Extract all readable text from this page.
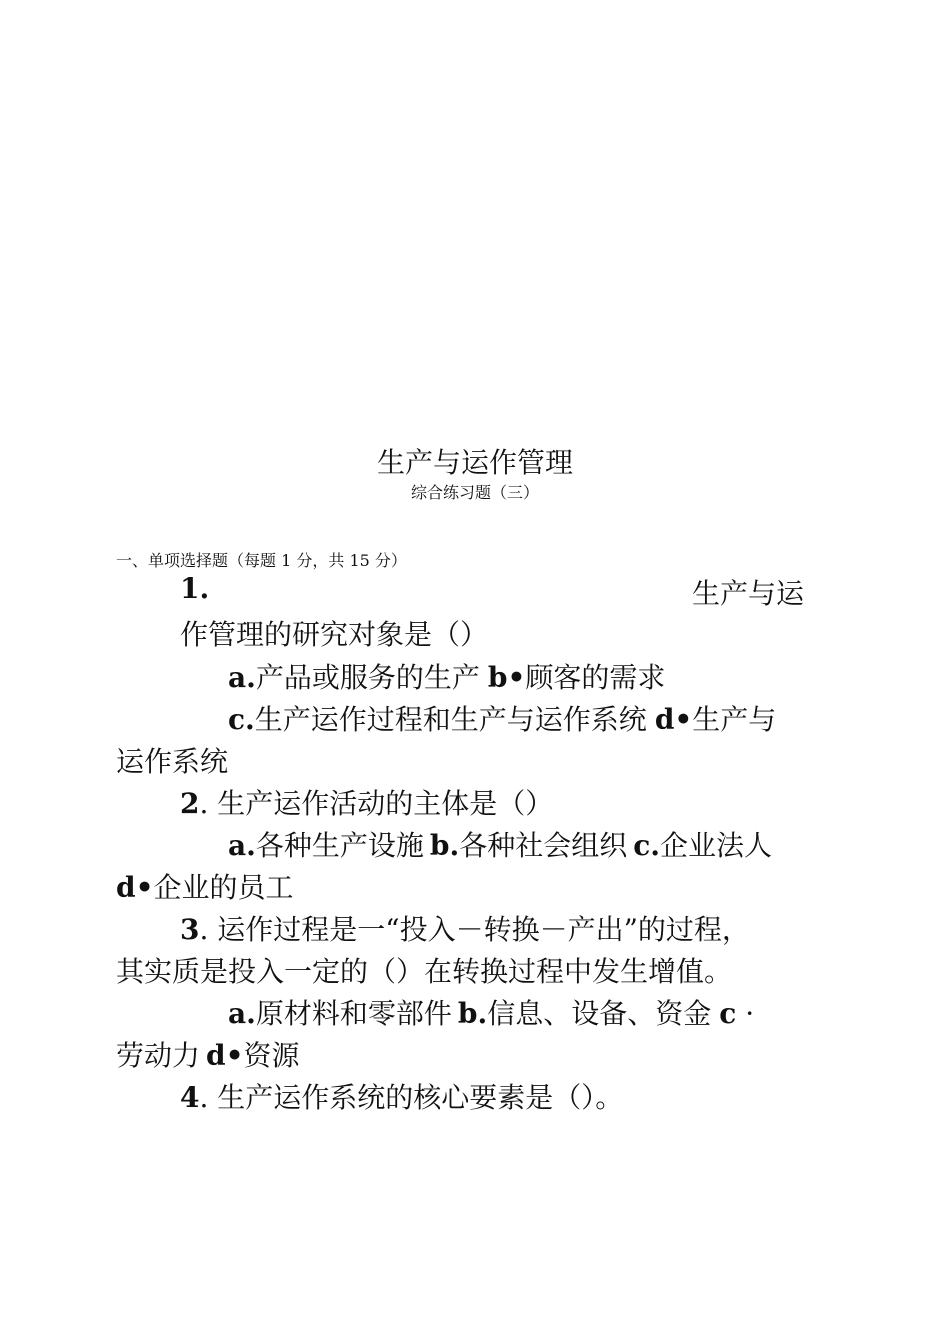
生产与运作管理
综合练习题（三）
一、单项选择题（每题 1 分，共 15 分）
1.	生产与运
作管理的研究对象是（）
a.产品或服务的生产 b•顾客的需求
c.生产运作过程和生产与运作系统 d•生产与
运作系统
2. 生产运作活动的主体是（）
a.各种生产设施 b.各种社会组织 c.企业法人
d•企业的员工
3. 运作过程是一“投入－转换－产出”的过程，
其实质是投入一定的（）在转换过程中发生增值。
a.原材料和零部件 b.信息、设备、资金 c ·
劳动力 d•资源
4. 生产运作系统的核心要素是（）。
